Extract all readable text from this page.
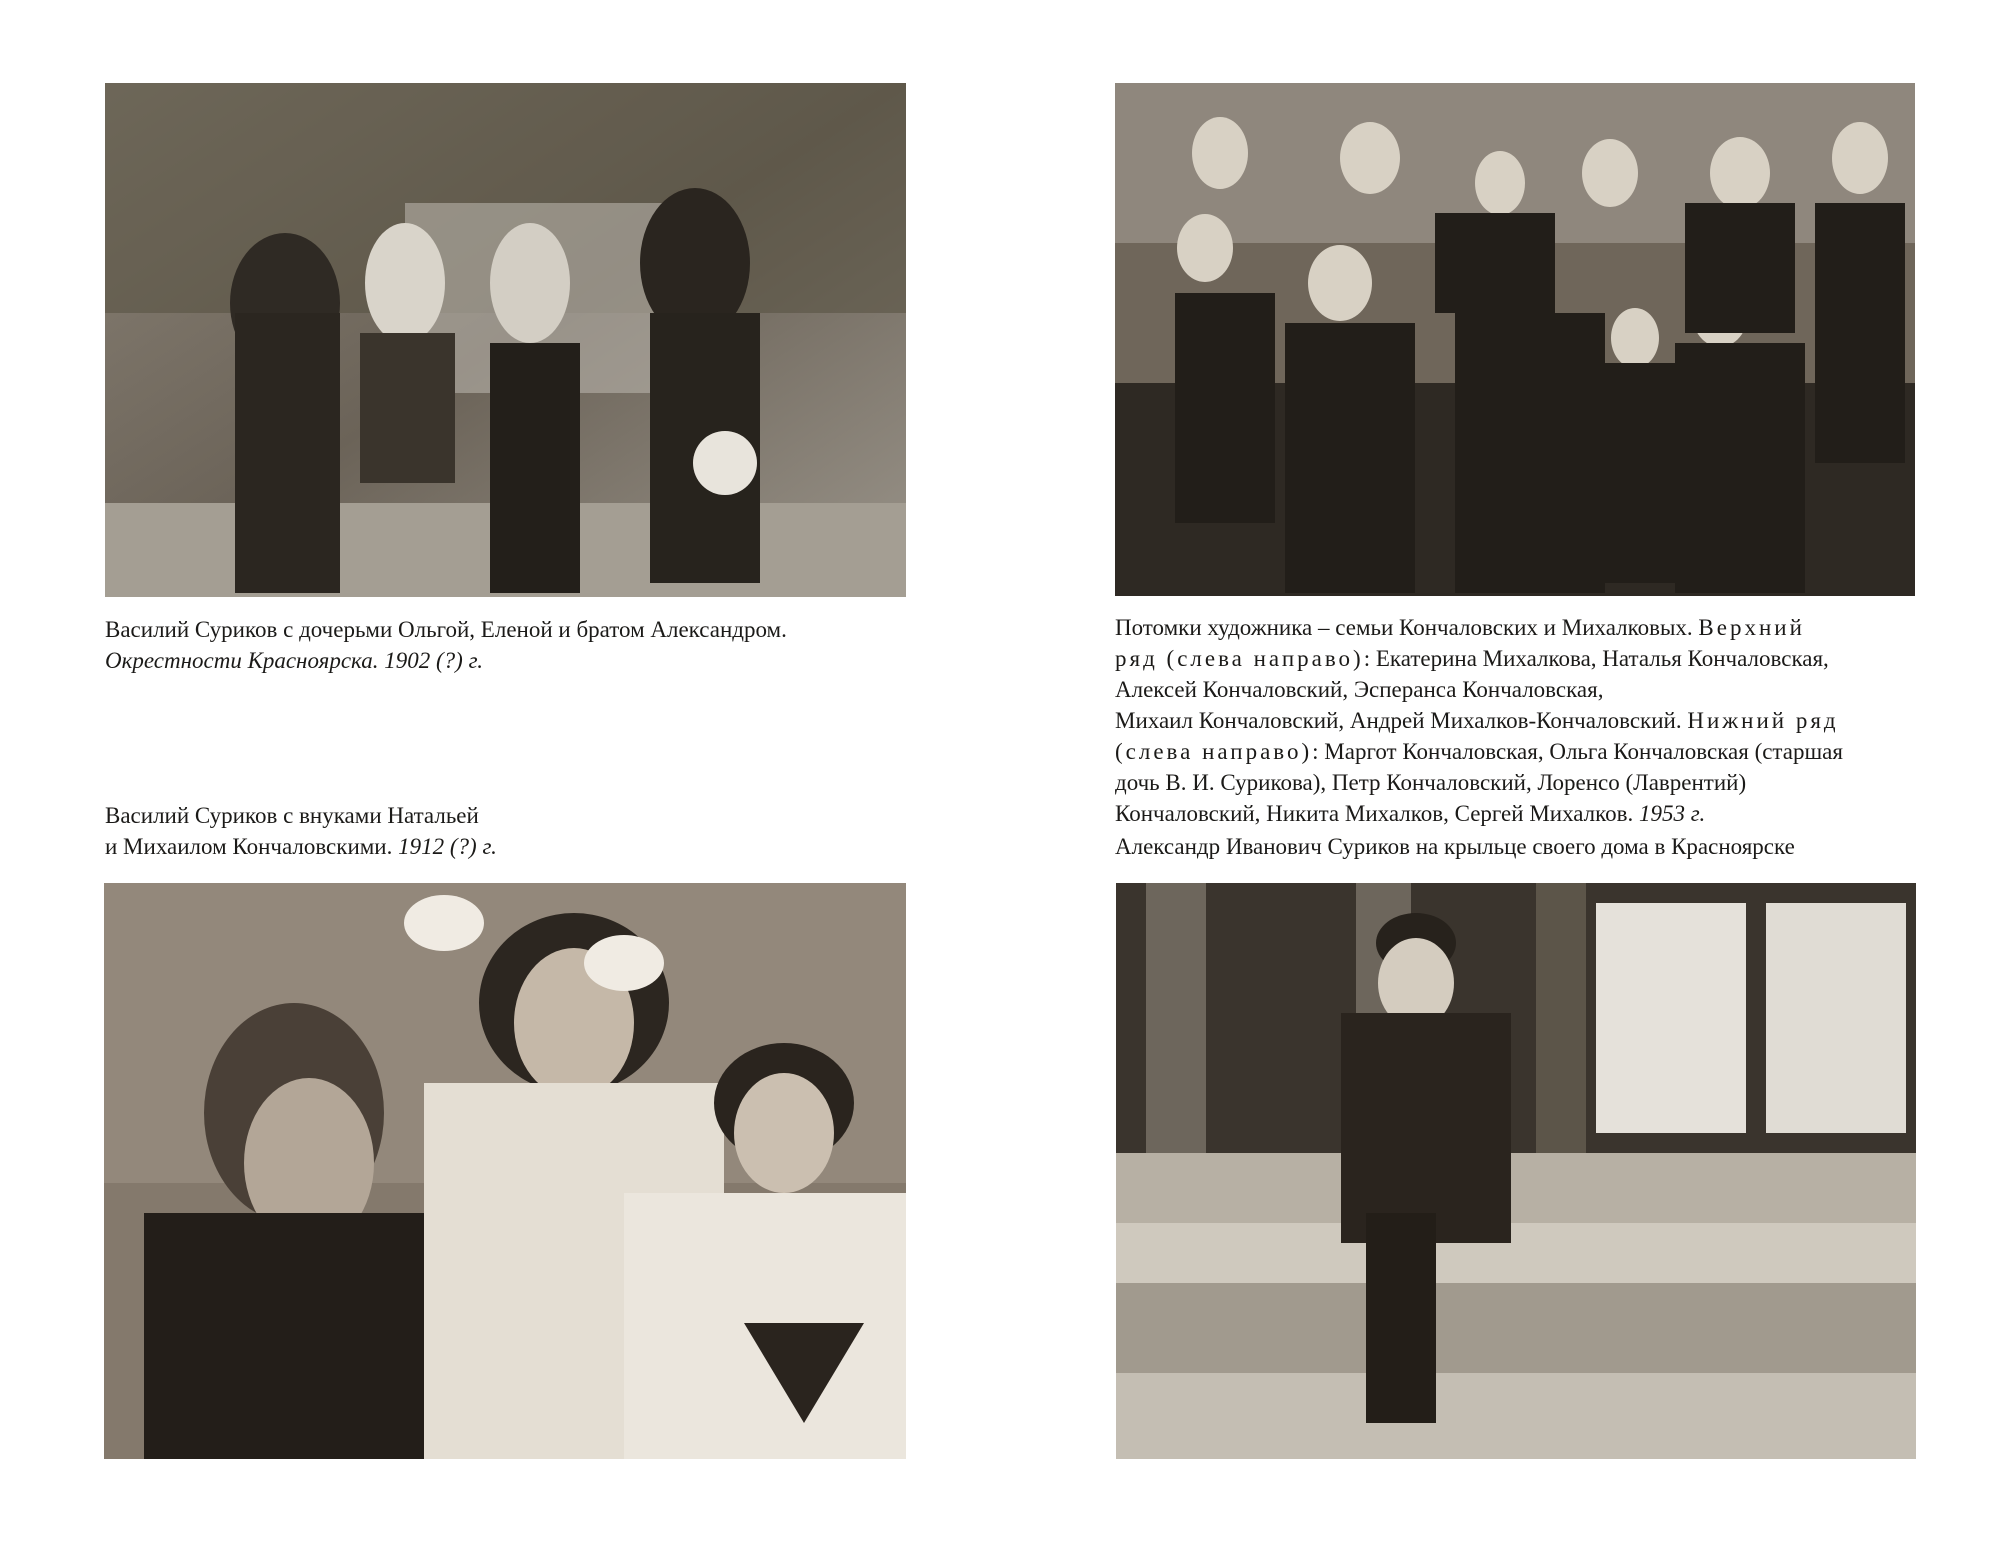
Василий Суриков с дочерьми Ольгой, Еленой и братом Александром.
Окрестности Красноярска. 1902 (?) г.

Потомки художника – семьи Кончаловских и Михалковых. Верхний
ряд (слева направо): Екатерина Михалкова, Наталья Кончаловская,
Алексей Кончаловский, Эсперанса Кончаловская,
Михаил Кончаловский, Андрей Михалков-Кончаловский. Нижний ряд
(слева направо): Маргот Кончаловская, Ольга Кончаловская (старшая
дочь В. И. Сурикова), Петр Кончаловский, Лоренсо (Лаврентий)
Кончаловский, Никита Михалков, Сергей Михалков. 1953 г.

Василий Суриков с внуками Натальей
и Михаилом Кончаловскими. 1912 (?) г.	Александр Иванович Суриков на крыльце своего дома в Красноярске
